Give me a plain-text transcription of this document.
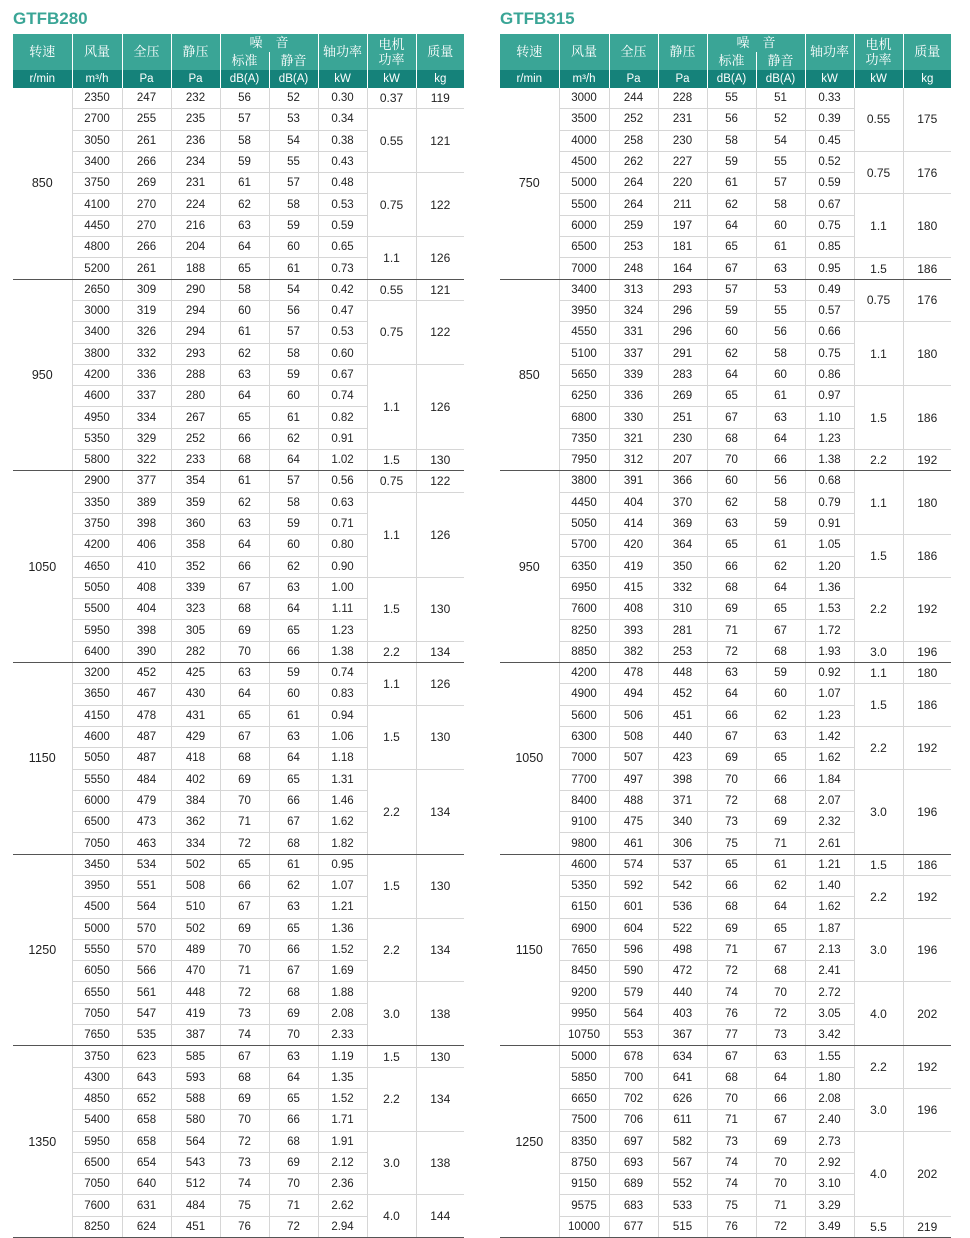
GTFB280
转速	风量	全压	静压	噪　音		轴功率	电机
功率	质量
				标准	静音			
r/min	m³/h	Pa	Pa	dB(A)	dB(A)	kW	kW	kg
850	2350	247	232	56	52	0.30	0.37	119
	2700	255	235	57	53	0.34	0.55	121
	3050	261	236	58	54	0.38		
	3400	266	234	59	55	0.43		
	3750	269	231	61	57	0.48	0.75	122
	4100	270	224	62	58	0.53		
	4450	270	216	63	59	0.59		
	4800	266	204	64	60	0.65	1.1	126
	5200	261	188	65	61	0.73		
950	2650	309	290	58	54	0.42	0.55	121
	3000	319	294	60	56	0.47	0.75	122
	3400	326	294	61	57	0.53		
	3800	332	293	62	58	0.60		
	4200	336	288	63	59	0.67	1.1	126
	4600	337	280	64	60	0.74		
	4950	334	267	65	61	0.82		
	5350	329	252	66	62	0.91		
	5800	322	233	68	64	1.02	1.5	130
1050	2900	377	354	61	57	0.56	0.75	122
	3350	389	359	62	58	0.63	1.1	126
	3750	398	360	63	59	0.71		
	4200	406	358	64	60	0.80		
	4650	410	352	66	62	0.90		
	5050	408	339	67	63	1.00	1.5	130
	5500	404	323	68	64	1.11		
	5950	398	305	69	65	1.23		
	6400	390	282	70	66	1.38	2.2	134
1150	3200	452	425	63	59	0.74	1.1	126
	3650	467	430	64	60	0.83		
	4150	478	431	65	61	0.94	1.5	130
	4600	487	429	67	63	1.06		
	5050	487	418	68	64	1.18		
	5550	484	402	69	65	1.31	2.2	134
	6000	479	384	70	66	1.46		
	6500	473	362	71	67	1.62		
	7050	463	334	72	68	1.82		
1250	3450	534	502	65	61	0.95	1.5	130
	3950	551	508	66	62	1.07		
	4500	564	510	67	63	1.21		
	5000	570	502	69	65	1.36	2.2	134
	5550	570	489	70	66	1.52		
	6050	566	470	71	67	1.69		
	6550	561	448	72	68	1.88	3.0	138
	7050	547	419	73	69	2.08		
	7650	535	387	74	70	2.33		
1350	3750	623	585	67	63	1.19	1.5	130
	4300	643	593	68	64	1.35	2.2	134
	4850	652	588	69	65	1.52		
	5400	658	580	70	66	1.71		
	5950	658	564	72	68	1.91	3.0	138
	6500	654	543	73	69	2.12		
	7050	640	512	74	70	2.36		
	7600	631	484	75	71	2.62	4.0	144
	8250	624	451	76	72	2.94		
GTFB315
转速	风量	全压	静压	噪　音		轴功率	电机
功率	质量
				标准	静音			
r/min	m³/h	Pa	Pa	dB(A)	dB(A)	kW	kW	kg
750	3000	244	228	55	51	0.33	0.55	175
	3500	252	231	56	52	0.39		
	4000	258	230	58	54	0.45		
	4500	262	227	59	55	0.52	0.75	176
	5000	264	220	61	57	0.59		
	5500	264	211	62	58	0.67	1.1	180
	6000	259	197	64	60	0.75		
	6500	253	181	65	61	0.85		
	7000	248	164	67	63	0.95	1.5	186
850	3400	313	293	57	53	0.49	0.75	176
	3950	324	296	59	55	0.57		
	4550	331	296	60	56	0.66	1.1	180
	5100	337	291	62	58	0.75		
	5650	339	283	64	60	0.86		
	6250	336	269	65	61	0.97	1.5	186
	6800	330	251	67	63	1.10		
	7350	321	230	68	64	1.23		
	7950	312	207	70	66	1.38	2.2	192
950	3800	391	366	60	56	0.68	1.1	180
	4450	404	370	62	58	0.79		
	5050	414	369	63	59	0.91		
	5700	420	364	65	61	1.05	1.5	186
	6350	419	350	66	62	1.20		
	6950	415	332	68	64	1.36	2.2	192
	7600	408	310	69	65	1.53		
	8250	393	281	71	67	1.72		
	8850	382	253	72	68	1.93	3.0	196
1050	4200	478	448	63	59	0.92	1.1	180
	4900	494	452	64	60	1.07	1.5	186
	5600	506	451	66	62	1.23		
	6300	508	440	67	63	1.42	2.2	192
	7000	507	423	69	65	1.62		
	7700	497	398	70	66	1.84	3.0	196
	8400	488	371	72	68	2.07		
	9100	475	340	73	69	2.32		
	9800	461	306	75	71	2.61		
1150	4600	574	537	65	61	1.21	1.5	186
	5350	592	542	66	62	1.40	2.2	192
	6150	601	536	68	64	1.62		
	6900	604	522	69	65	1.87	3.0	196
	7650	596	498	71	67	2.13		
	8450	590	472	72	68	2.41		
	9200	579	440	74	70	2.72	4.0	202
	9950	564	403	76	72	3.05		
	10750	553	367	77	73	3.42		
1250	5000	678	634	67	63	1.55	2.2	192
	5850	700	641	68	64	1.80		
	6650	702	626	70	66	2.08	3.0	196
	7500	706	611	71	67	2.40		
	8350	697	582	73	69	2.73	4.0	202
	8750	693	567	74	70	2.92		
	9150	689	552	74	70	3.10		
	9575	683	533	75	71	3.29		
	10000	677	515	76	72	3.49	5.5	219
